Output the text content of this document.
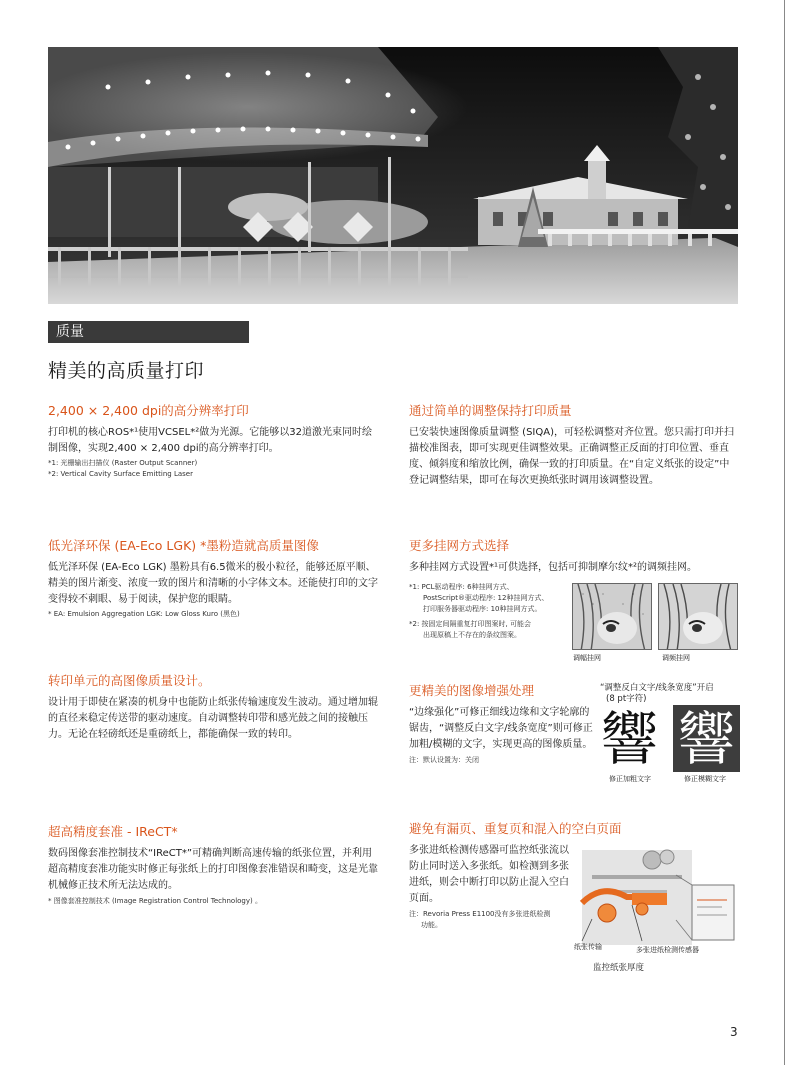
质量
精美的高质量打印
2,400 × 2,400 dpi的高分辨率打印
打印机的核心ROS*¹使用VCSEL*²做为光源。它能够以32道激光束同时绘制图像，实现2,400 × 2,400 dpi的高分辨率打印。
*1: 光栅输出扫描仪 (Raster Output Scanner)
*2: Vertical Cavity Surface Emitting Laser
低光泽环保 (EA-Eco LGK) *墨粉造就高质量图像
低光泽环保 (EA-Eco LGK) 墨粉具有6.5微米的极小粒径，能够还原平顺、精美的图片渐变、浓度一致的图片和清晰的小字体文本。还能使打印的文字变得较不刺眼、易于阅读，保护您的眼睛。
* EA: Emulsion Aggregation LGK: Low Gloss Kuro (黑色)
转印单元的高图像质量设计。
设计用于即使在紧凑的机身中也能防止纸张传输速度发生波动。通过增加辊的直径来稳定传送带的驱动速度。自动调整转印带和感光鼓之间的接触压力。无论在轻磅纸还是重磅纸上，都能确保一致的转印。
超高精度套准 - IReCT*
数码图像套准控制技术“IReCT*”可精确判断高速传输的纸张位置，并利用超高精度套准功能实时修正每张纸上的打印图像套准错误和畸变，这是光靠机械修正技术所无法达成的。
* 图像套准控制技术 (Image Registration Control Technology) 。
通过简单的调整保持打印质量
已安装快速图像质量调整 (SIQA)，可轻松调整对齐位置。您只需打印并扫描校准图表，即可实现更佳调整效果。正确调整正反面的打印位置、垂直度、倾斜度和缩放比例，确保一致的打印质量。在“自定义纸张的设定”中登记调整结果，即可在每次更换纸张时调用该调整设置。
更多挂网方式选择
多种挂网方式设置*¹可供选择，包括可抑制摩尔纹*²的调频挂网。
*1: PCL驱动程序: 6种挂网方式、
PostScript®驱动程序: 12种挂网方式、
打印服务器驱动程序: 10种挂网方式。
*2: 按固定间隔重复打印图案时, 可能会
出现原稿上不存在的条纹图案。
调幅挂网	调频挂网
更精美的图像增强处理
“边缘强化”可修正细线边缘和文字轮廓的锯齿，“调整反白文字/线条宽度”则可修正加粗/模糊的文字，实现更高的图像质量。
注：默认设置为：关闭
“调整反白文字/线条宽度”开启
(8 pt字符)
響 響
修正加粗文字	修正模糊文字
避免有漏页、重复页和混入的空白页面
多张进纸检测传感器可监控纸张流以防止同时送入多张纸。如检测到多张进纸，则会中断打印以防止混入空白页面。
注：Revoria Press E1100没有多张进纸检测
功能。
纸张传输	多张进纸检测传感器
监控纸张厚度
3
